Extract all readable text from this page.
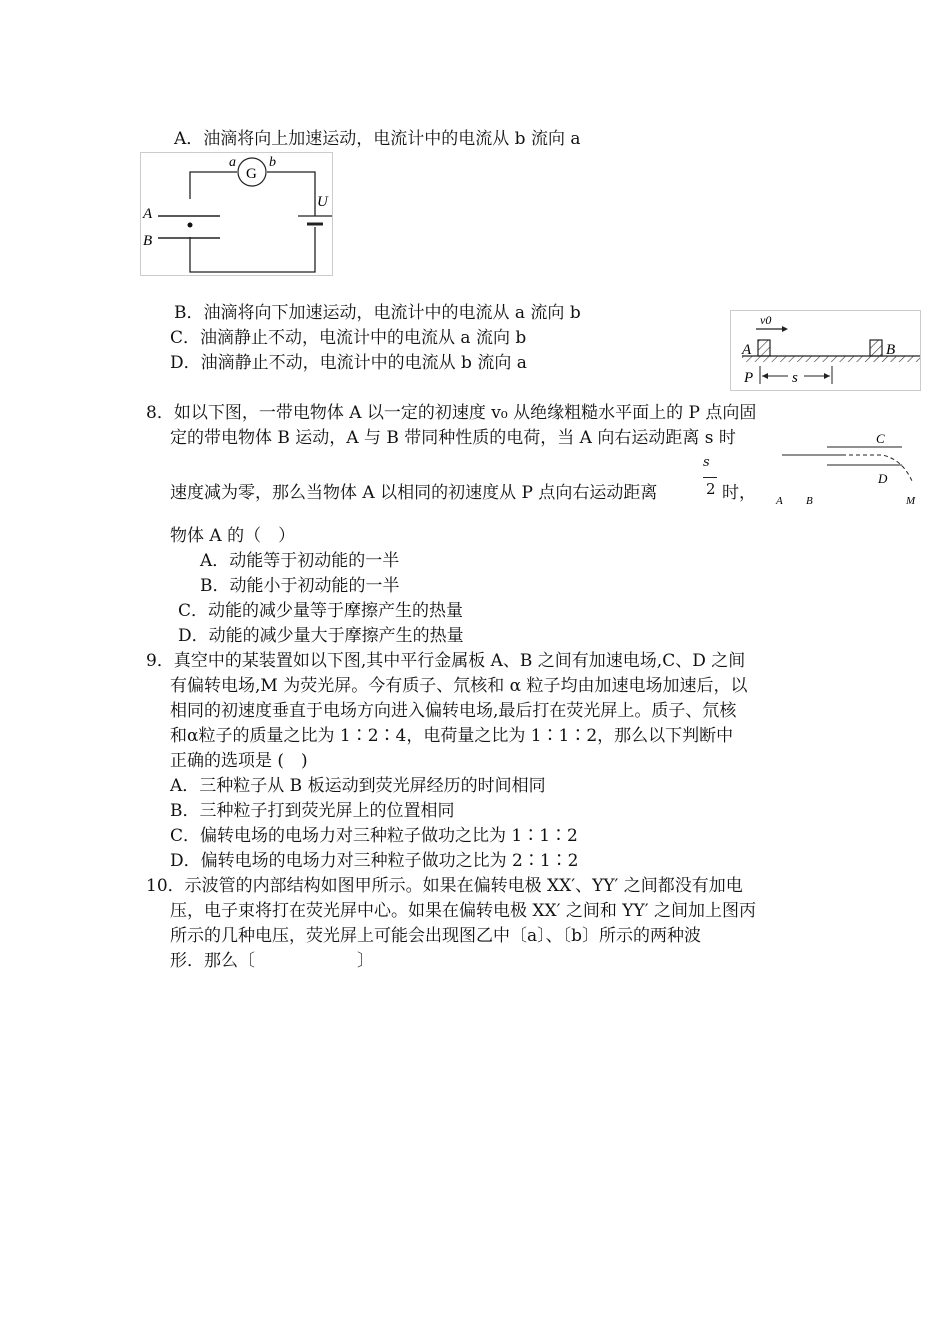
A．油滴将向上加速运动，电流计中的电流从 b 流向 a
G
a b
A
B
U
B．油滴将向下加速运动，电流计中的电流从 a 流向 b
C．油滴静止不动，电流计中的电流从 a 流向 b
D．油滴静止不动，电流计中的电流从 b 流向 a
v0
A	B
P	s
8．如以下图，一带电物体 A 以一定的初速度 v₀ 从绝缘粗糙水平面上的 P 点向固
定的带电物体 B 运动，A 与 B 带同种性质的电荷，当 A 向右运动距离 s 时
速度减为零，那么当物体 A 以相同的初速度从 P 点向右运动距离
s
2 时，
物体 A 的（　）
A．动能等于初动能的一半
B．动能小于初动能的一半
C．动能的减少量等于摩擦产生的热量
D．动能的减少量大于摩擦产生的热量
C
D
A B	M
9．真空中的某装置如以下图,其中平行金属板 A、B 之间有加速电场,C、D 之间
有偏转电场,M 为荧光屏。今有质子、氘核和 α 粒子均由加速电场加速后，以
相同的初速度垂直于电场方向进入偏转电场,最后打在荧光屏上。质子、氘核
和α粒子的质量之比为 1∶2∶4，电荷量之比为 1∶1∶2，那么以下判断中
正确的选项是 (　)
A．三种粒子从 B 板运动到荧光屏经历的时间相同
B．三种粒子打到荧光屏上的位置相同
C．偏转电场的电场力对三种粒子做功之比为 1∶1∶2
D．偏转电场的电场力对三种粒子做功之比为 2∶1∶2
10．示波管的内部结构如图甲所示。如果在偏转电极 XX′、YY′ 之间都没有加电
压，电子束将打在荧光屏中心。如果在偏转电极 XX′ 之间和 YY′ 之间加上图丙
所示的几种电压，荧光屏上可能会出现图乙中〔a〕、〔b〕所示的两种波
形．那么〔　　　　　　〕
